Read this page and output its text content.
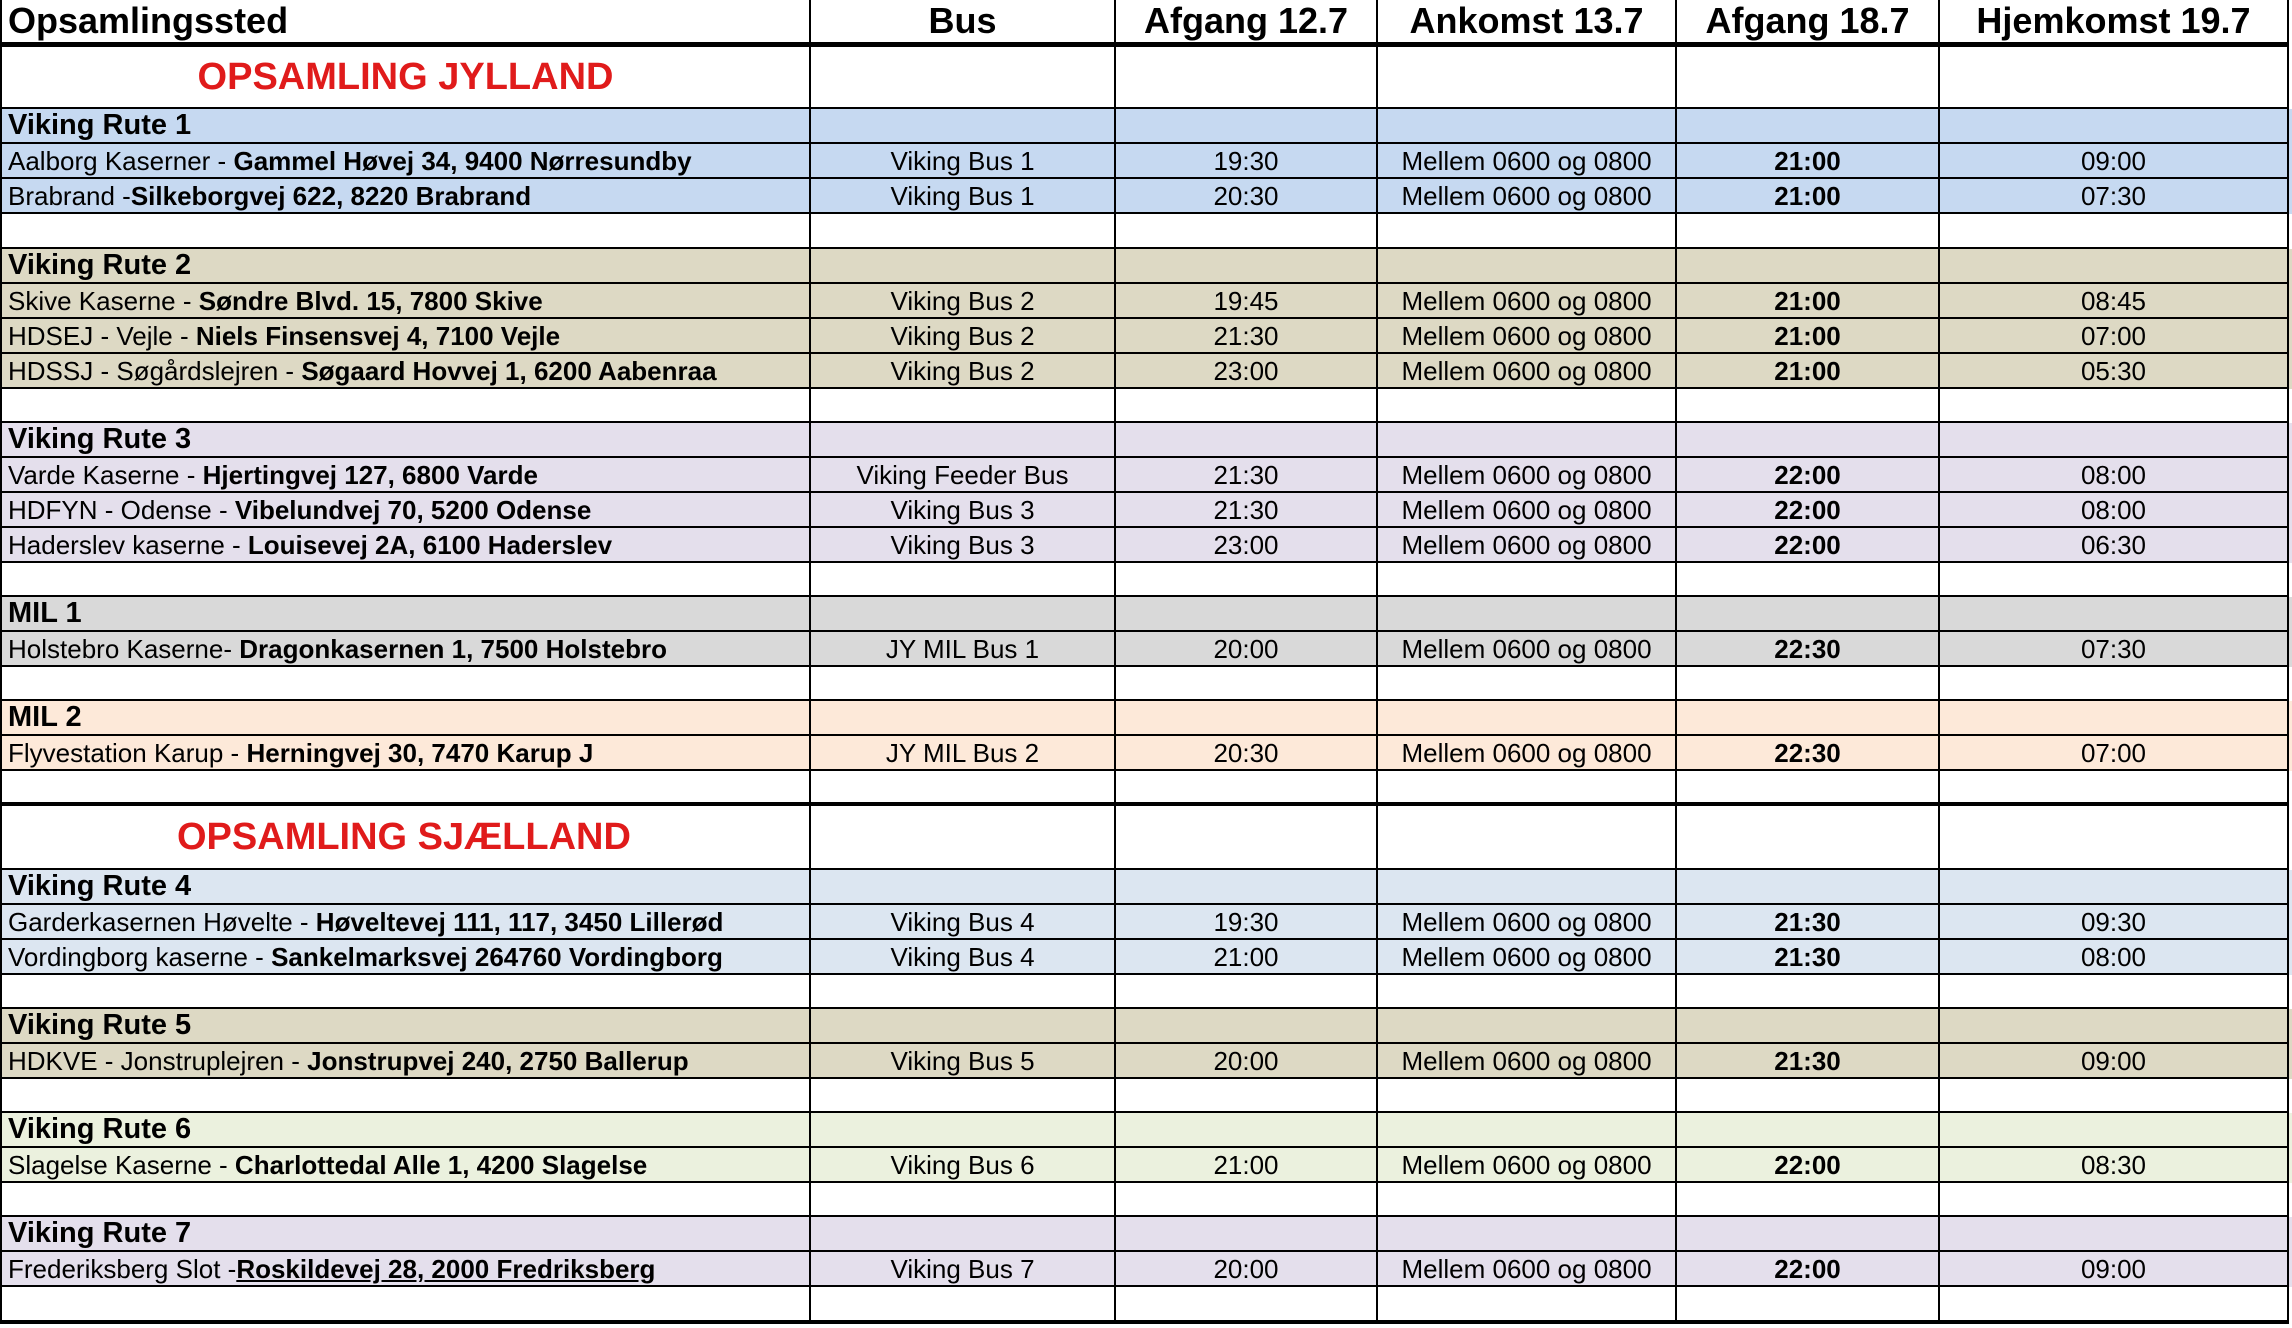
Opsamlingssted	Bus	Afgang 12.7	Ankomst 13.7	Afgang 18.7	Hjemkomst 19.7
OPSAMLING JYLLAND
Viking Rute 1
Aalborg Kaserner -
Gammel Høvej 34, 9400 Nørresundby	Viking Bus 1	19:30	Mellem 0600 og 0800	21:00	09:00
Brabrand - Silkeborgvej 622, 8220 Brabrand	Viking Bus 1	20:30	Mellem 0600 og 0800	21:00	07:30
Viking Rute 2
Skive Kaserne -
Søndre Blvd. 15, 7800 Skive	Viking Bus 2	19:45	Mellem 0600 og 0800	21:00	08:45
HDSEJ - Vejle -
Niels Finsensvej 4, 7100 Vejle	Viking Bus 2	21:30	Mellem 0600 og 0800	21:00	07:00
HDSSJ - Søgårdslejren -
Søgaard Hovvej 1, 6200 Aabenraa	Viking Bus 2	23:00	Mellem 0600 og 0800	21:00	05:30
Viking Rute 3
Varde Kaserne -
Hjertingvej 127, 6800 Varde	Viking Feeder Bus	21:30	Mellem 0600 og 0800	22:00	08:00
HDFYN - Odense -
Vibelundvej 70, 5200 Odense	Viking Bus 3	21:30	Mellem 0600 og 0800	22:00	08:00
Haderslev kaserne -
Louisevej 2A, 6100 Haderslev	Viking Bus 3	23:00	Mellem 0600 og 0800	22:00	06:30
MIL 1
Holstebro Kaserne-
Dragonkasernen 1, 7500 Holstebro	JY MIL Bus 1	20:00	Mellem 0600 og 0800	22:30	07:30
MIL 2
Flyvestation Karup -
Herningvej 30, 7470 Karup J	JY MIL Bus 2	20:30	Mellem 0600 og 0800	22:30	07:00
OPSAMLING SJÆLLAND
Viking Rute 4
Garderkasernen Høvelte -
Høveltevej 111, 117, 3450 Lillerød	Viking Bus 4	19:30	Mellem 0600 og 0800	21:30	09:30
Vordingborg kaserne -
Sankelmarksvej 264760 Vordingborg	Viking Bus 4	21:00	Mellem 0600 og 0800	21:30	08:00
Viking Rute 5
HDKVE - Jonstruplejren -
Jonstrupvej 240, 2750 Ballerup	Viking Bus 5	20:00	Mellem 0600 og 0800	21:30	09:00
Viking Rute 6
Slagelse Kaserne -
Charlottedal Alle 1, 4200 Slagelse	Viking Bus 6	21:00	Mellem 0600 og 0800	22:00	08:30
Viking Rute 7
Frederiksberg Slot - Roskildevej 28, 2000 Fredriksberg	Viking Bus 7	20:00	Mellem 0600 og 0800	22:00	09:00
